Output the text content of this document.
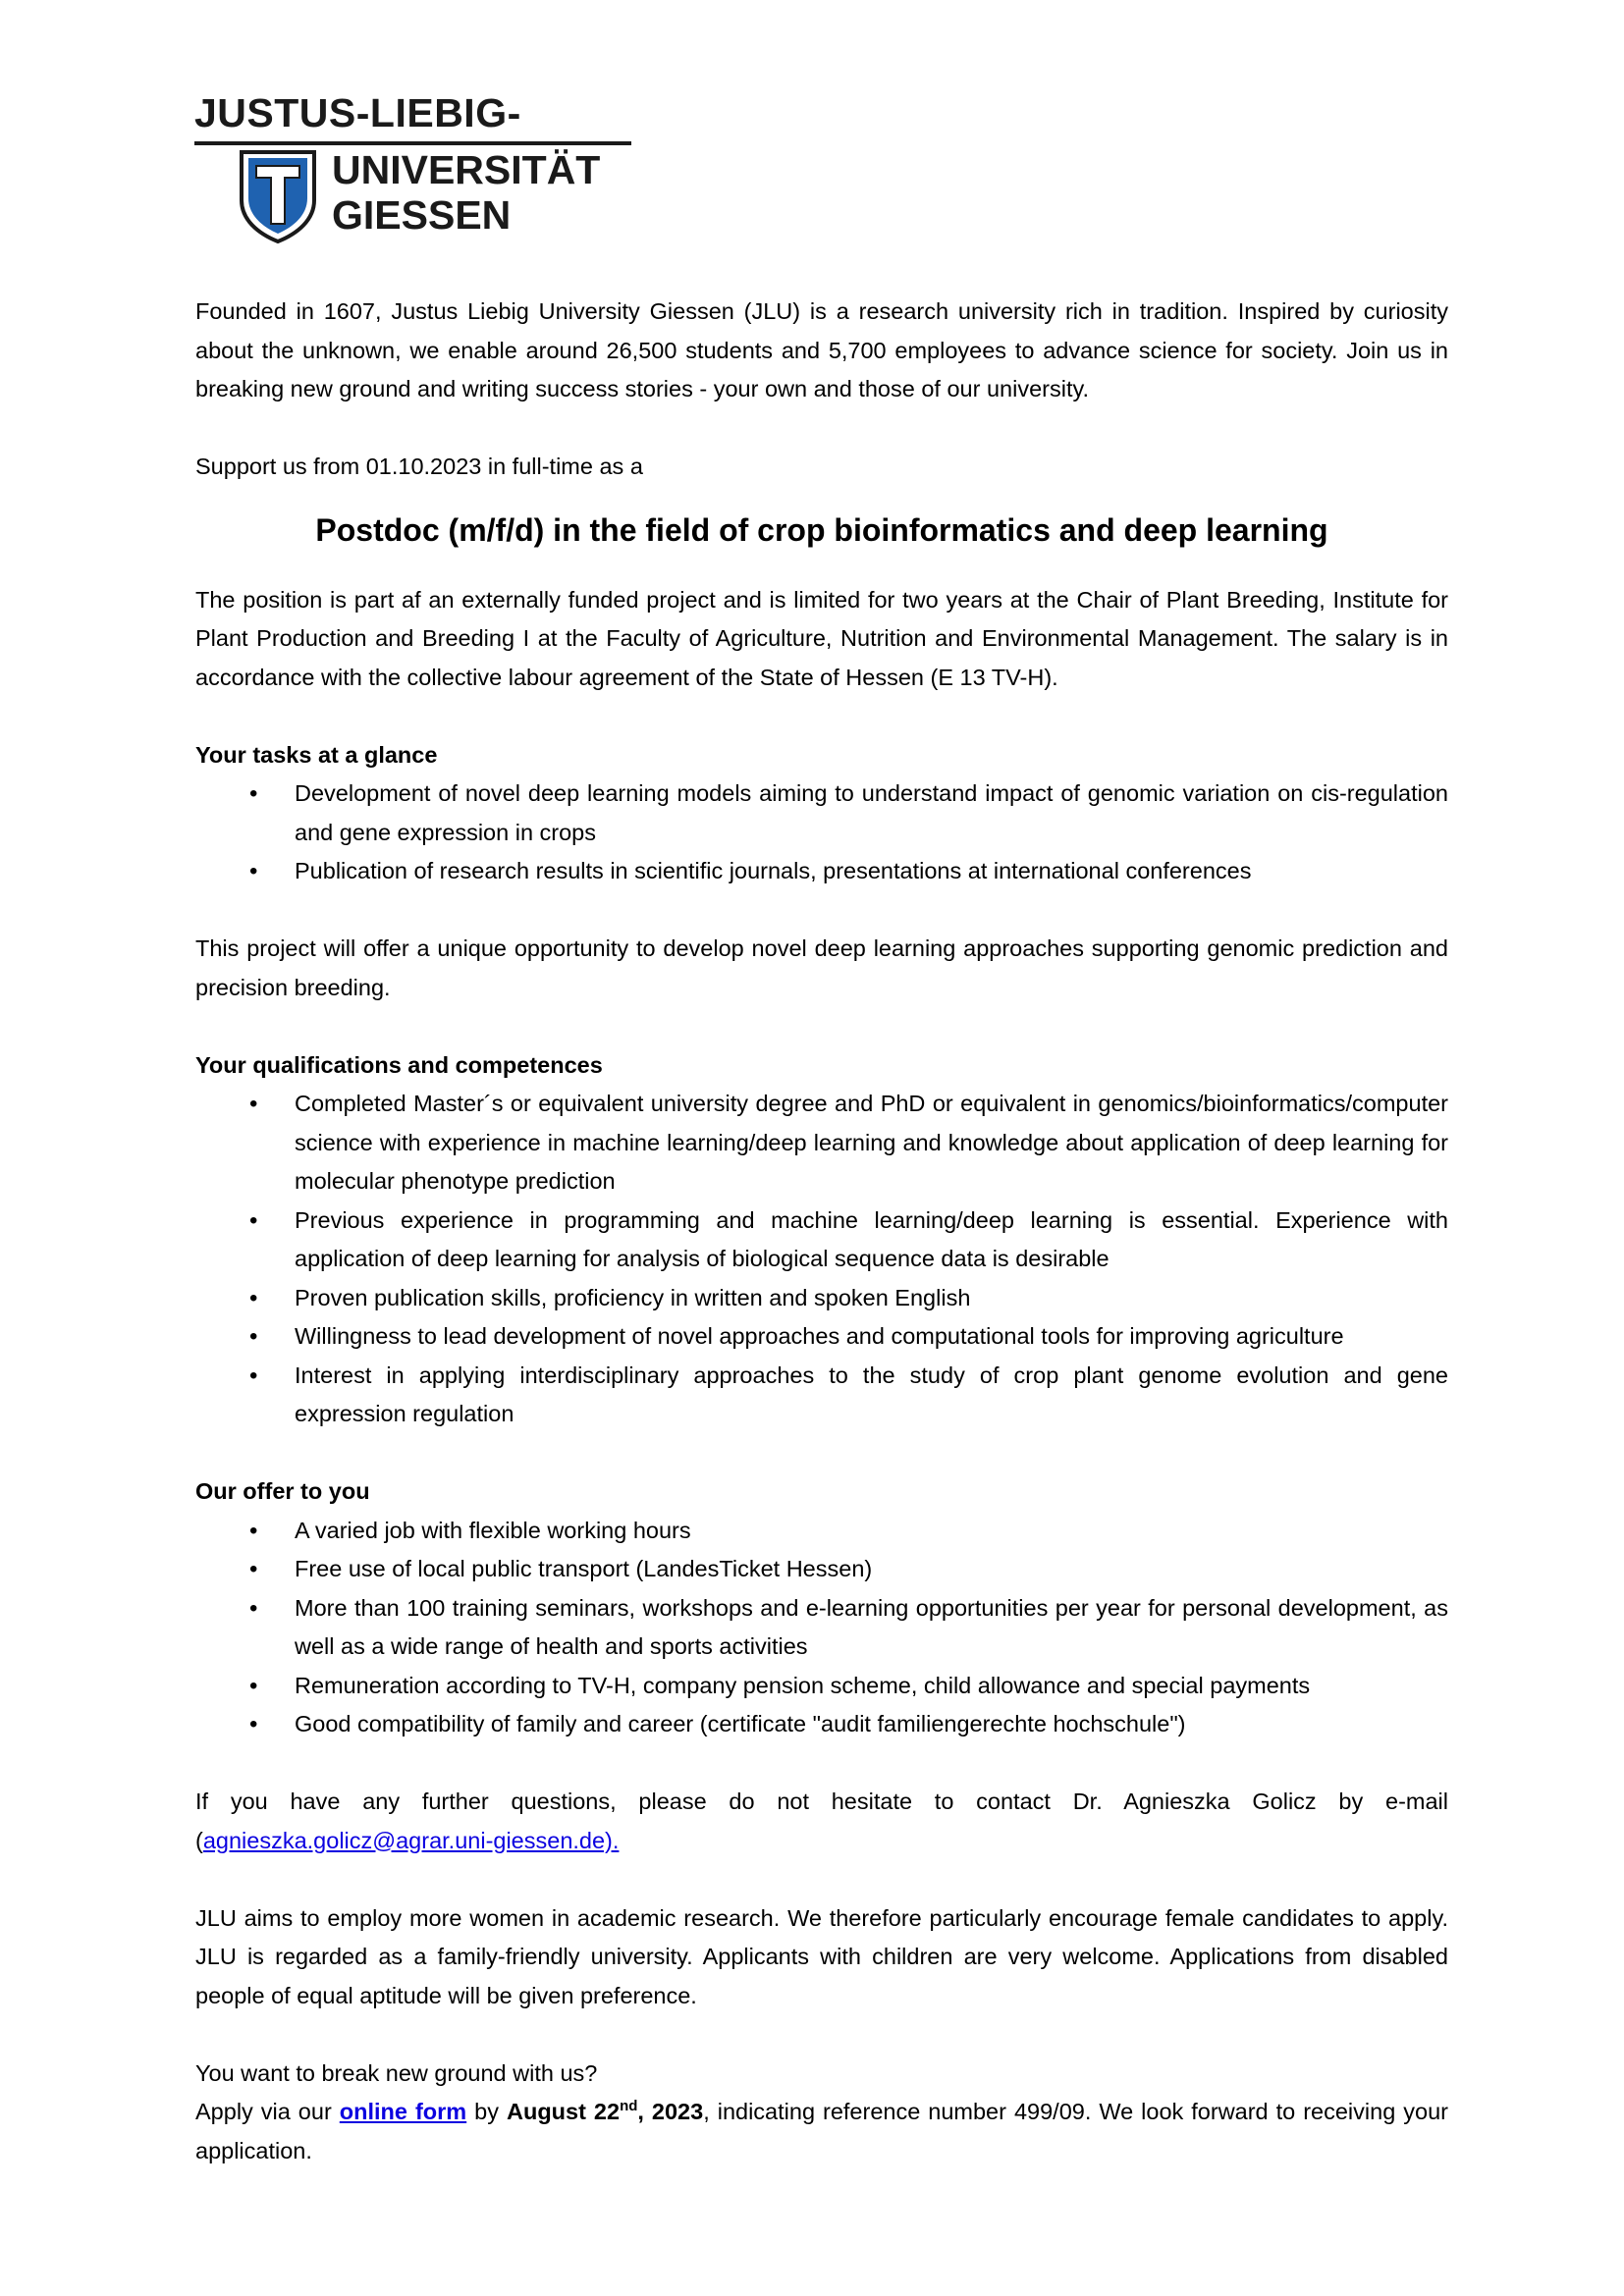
JUSTUS-LIEBIG-
UNIVERSITÄT
GIESSEN

Founded in 1607, Justus Liebig University Giessen (JLU) is a research university rich in tradition. Inspired by curiosity about the unknown, we enable around 26,500 students and 5,700 employees to advance science for society. Join us in breaking new ground and writing success stories - your own and those of our university.

Support us from 01.10.2023 in full-time as a

Postdoc (m/f/d) in the field of crop bioinformatics and deep learning

The position is part af an externally funded project and is limited for two years at the Chair of Plant Breeding, Institute for Plant Production and Breeding I at the Faculty of Agriculture, Nutrition and Environmental Management. The salary is in accordance with the collective labour agreement of the State of Hessen (E 13 TV-H).

Your tasks at a glance

• Development of novel deep learning models aiming to understand impact of genomic variation on cis-regulation and gene expression in crops
• Publication of research results in scientific journals, presentations at international conferences

This project will offer a unique opportunity to develop novel deep learning approaches supporting genomic prediction and precision breeding.

Your qualifications and competences

• Completed Master´s or equivalent university degree and PhD or equivalent in genomics/bioinformatics/computer science with experience in machine learning/deep learning and knowledge about application of deep learning for molecular phenotype prediction
• Previous experience in programming and machine learning/deep learning is essential. Experience with application of deep learning for analysis of biological sequence data is desirable
• Proven publication skills, proficiency in written and spoken English
• Willingness to lead development of novel approaches and computational tools for improving agriculture
• Interest in applying interdisciplinary approaches to the study of crop plant genome evolution and gene expression regulation

Our offer to you

• A varied job with flexible working hours
• Free use of local public transport (LandesTicket Hessen)
• More than 100 training seminars, workshops and e-learning opportunities per year for personal development, as well as a wide range of health and sports activities
• Remuneration according to TV-H, company pension scheme, child allowance and special payments
• Good compatibility of family and career (certificate "audit familiengerechte hochschule")

If you have any further questions, please do not hesitate to contact Dr. Agnieszka Golicz by e-mail (agnieszka.golicz@agrar.uni-giessen.de).

JLU aims to employ more women in academic research. We therefore particularly encourage female candidates to apply. JLU is regarded as a family-friendly university. Applicants with children are very welcome. Applications from disabled people of equal aptitude will be given preference.

You want to break new ground with us?

Apply via our online form by August 22nd, 2023, indicating reference number 499/09. We look forward to receiving your application.
